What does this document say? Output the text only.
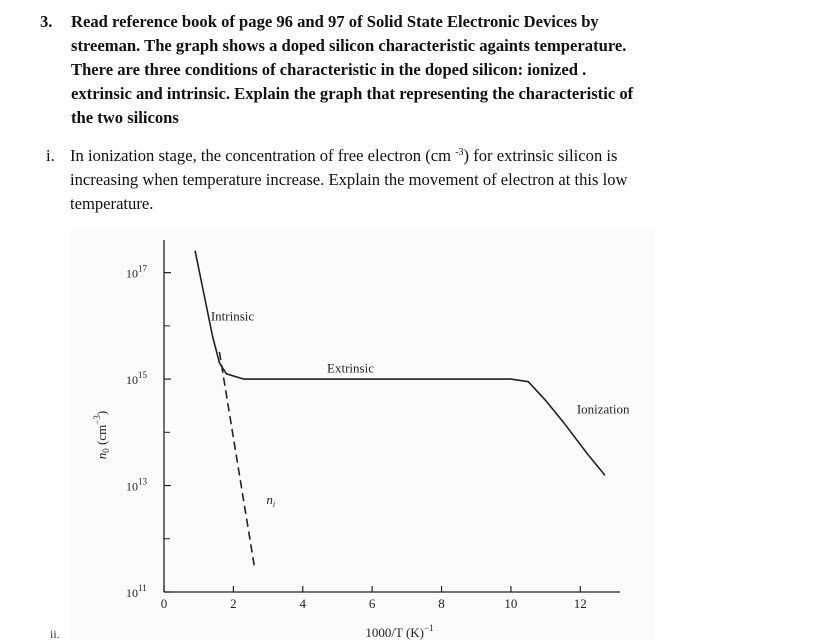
3. Read reference book of page 96 and 97 of Solid State Electronic Devices by
streeman. The graph shows a doped silicon characteristic againts temperature.
There are three conditions of characteristic in the doped silicon: ionized .
extrinsic and intrinsic. Explain the graph that representing the characteristic of
the two silicons
i. In ionization stage, the concentration of free electron (cm $^{-3}$) for extrinsic silicon is
increasing when temperature increase. Explain the movement of electron at this low
temperature.
$10^{17}$
$10^{15}$
$10^{13}$
$10^{11}$
0	2	4	6	8	10	12
1000/T $(K)^{-1}$
$n_0$ $(cm^{-3})$
Intrinsic
Extrinsic
Ionization
$n_i$
ii.
